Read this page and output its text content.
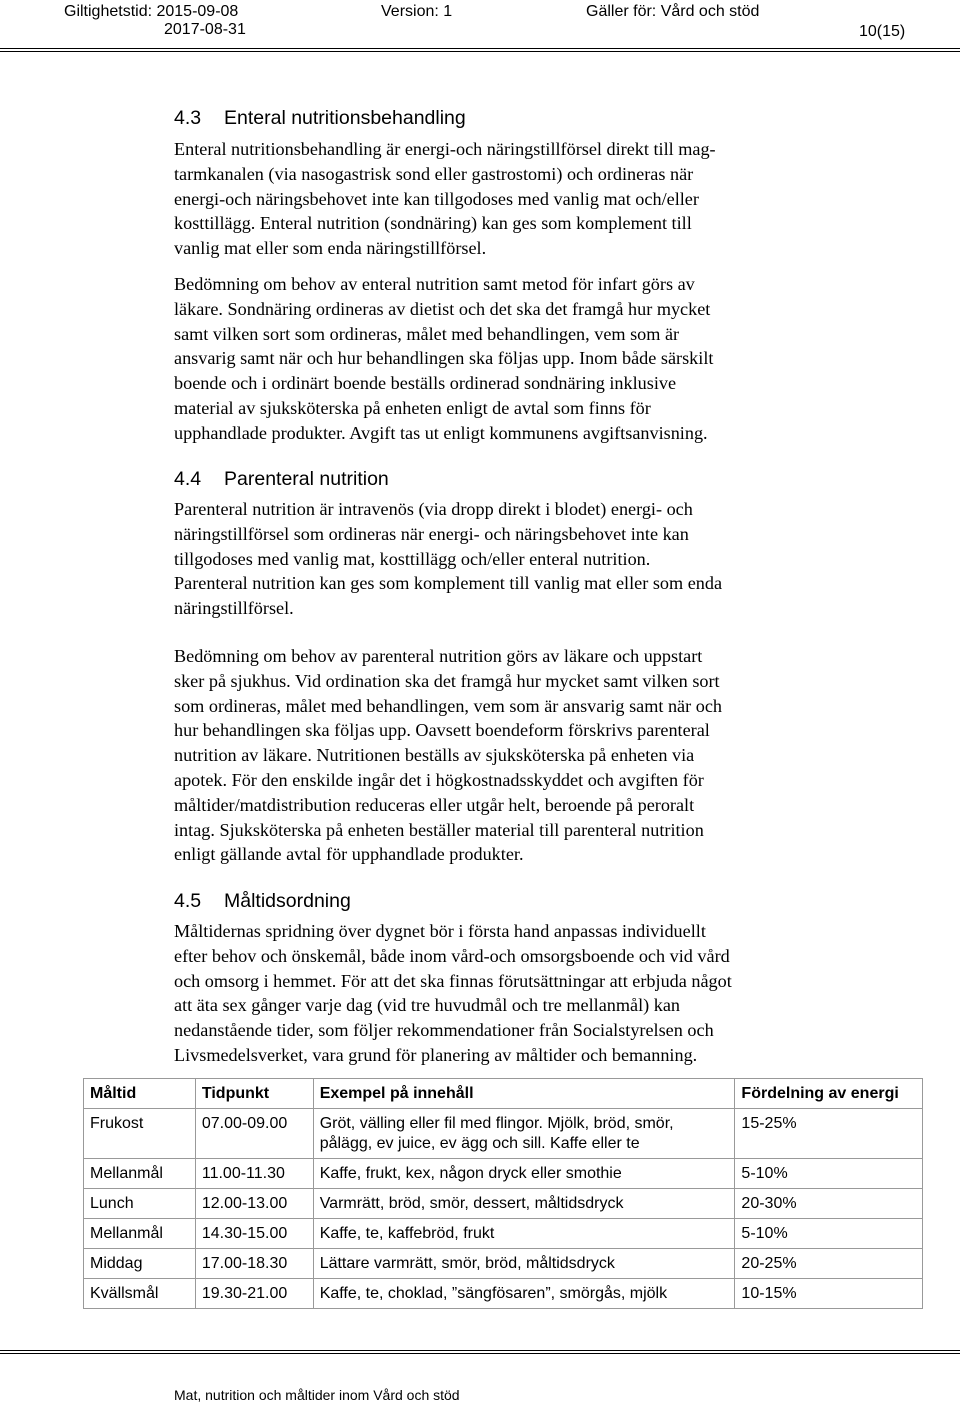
Giltighetstid: 2015-09-08	Version: 1	Gäller för: Vård och stöd
2017-08-31	10(15)
4.3 Enteral nutritionsbehandling
Enteral nutritionsbehandling är energi-och näringstillförsel direkt till mag-
tarmkanalen (via nasogastrisk sond eller gastrostomi) och ordineras när
energi-och näringsbehovet inte kan tillgodoses med vanlig mat och/eller
kosttillägg. Enteral nutrition (sondnäring) kan ges som komplement till
vanlig mat eller som enda näringstillförsel.
Bedömning om behov av enteral nutrition samt metod för infart görs av
läkare. Sondnäring ordineras av dietist och det ska det framgå hur mycket
samt vilken sort som ordineras, målet med behandlingen, vem som är
ansvarig samt när och hur behandlingen ska följas upp. Inom både särskilt
boende och i ordinärt boende beställs ordinerad sondnäring inklusive
material av sjuksköterska på enheten enligt de avtal som finns för
upphandlade produkter. Avgift tas ut enligt kommunens avgiftsanvisning.
4.4 Parenteral nutrition
Parenteral nutrition är intravenös (via dropp direkt i blodet) energi- och
näringstillförsel som ordineras när energi- och näringsbehovet inte kan
tillgodoses med vanlig mat, kosttillägg och/eller enteral nutrition.
Parenteral nutrition kan ges som komplement till vanlig mat eller som enda
näringstillförsel.
Bedömning om behov av parenteral nutrition görs av läkare och uppstart
sker på sjukhus. Vid ordination ska det framgå hur mycket samt vilken sort
som ordineras, målet med behandlingen, vem som är ansvarig samt när och
hur behandlingen ska följas upp. Oavsett boendeform förskrivs parenteral
nutrition av läkare. Nutritionen beställs av sjuksköterska på enheten via
apotek. För den enskilde ingår det i högkostnadsskyddet och avgiften för
måltider/matdistribution reduceras eller utgår helt, beroende på peroralt
intag. Sjuksköterska på enheten beställer material till parenteral nutrition
enligt gällande avtal för upphandlade produkter.
4.5 Måltidsordning
Måltidernas spridning över dygnet bör i första hand anpassas individuellt
efter behov och önskemål, både inom vård-och omsorgsboende och vid vård
och omsorg i hemmet. För att det ska finnas förutsättningar att erbjuda något
att äta sex gånger varje dag (vid tre huvudmål och tre mellanmål) kan
nedanstående tider, som följer rekommendationer från Socialstyrelsen och
Livsmedelsverket, vara grund för planering av måltider och bemanning.
Måltid	Tidpunkt	Exempel på innehåll	Fördelning av energi
Frukost	07.00-09.00	Gröt, välling eller fil med flingor. Mjölk, bröd, smör,
pålägg, ev juice, ev ägg och sill. Kaffe eller te	15-25%
Mellanmål	11.00-11.30	Kaffe, frukt, kex, någon dryck eller smothie	5-10%
Lunch	12.00-13.00	Varmrätt, bröd, smör, dessert, måltidsdryck	20-30%
Mellanmål	14.30-15.00	Kaffe, te, kaffebröd, frukt	5-10%
Middag	17.00-18.30	Lättare varmrätt, smör, bröd, måltidsdryck	20-25%
Kvällsmål	19.30-21.00	Kaffe, te, choklad, ”sängfösaren”, smörgås, mjölk	10-15%
Mat, nutrition och måltider inom Vård och stöd
